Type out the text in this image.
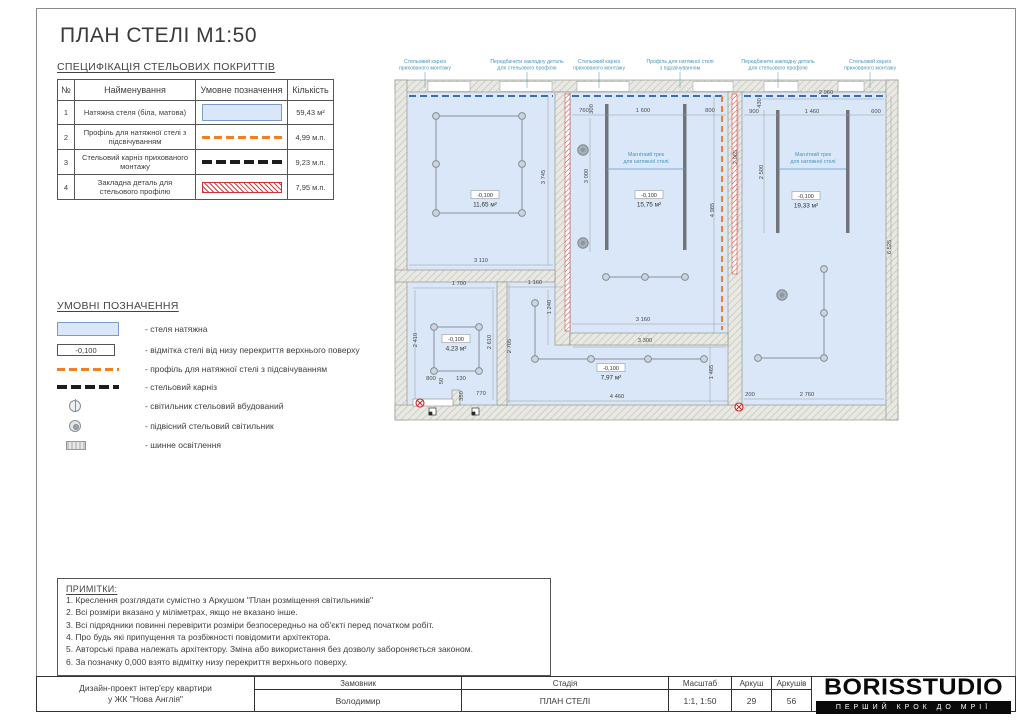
ПЛАН СТЕЛІ М1:50
СПЕЦИФІКАЦІЯ СТЕЛЬОВИХ ПОКРИТТІВ
№	Найменування	Умовне позначення	Кількість
1	Натяжна стеля (біла, матова)		59,43 м²
2	Профіль для натяжної стелі з підсвічуванням		4,99 м.п.
3	Стельовий карніз прихованого монтажу		9,23 м.п.
4	Закладна деталь для стельового профілю		7,95 м.п.
УМОВНІ ПОЗНАЧЕННЯ
- стеля натяжна
-0,100	- відмітка стелі від низу перекриття верхнього поверху
- профіль для натяжної стелі з підсвічуванням
- стельовий карніз
- світильник стельовий вбудований
- підвісний стельовий світильник
- шинне освітлення
ПРИМІТКИ:
1. Креслення розглядати сумістно з Аркушом "План розміщення світильників"
2. Всі розміри вказано у міліметрах, якщо не вказано інше.
3. Всі підрядники повинні перевірити розміри безпосередньо на об'єкті перед початком робіт.
4. Про будь які припущення та розбіжності повідомити архітектора.
5. Авторські права належать архітектору. Зміна або використання без дозволу забороняється законом.
6. За позначку 0,000 взято відмітку низу перекриття верхнього поверху.
Дизайн-проект інтер'єру квартири
у ЖК "Нова Англія"
Замовник
Володимир
Стадія
ПЛАН СТЕЛІ
Масштаб
1:1, 1:50
Аркуш
29
Аркушів
56
BORISSTUDIO
ПЕРШИЙ КРОК ДО МРІЇ
Стельовий карніз
прихованого монтажу
Передбачити закладну деталь
для стельового профілю
Стельовий карніз
прихованого монтажу
Профіль для натяжної стелі
з підсвічуванням
Передбачити закладну деталь
для стельового профілю
Стельовий карніз
прихованого монтажу
3 745
3 110
760 300	1 600	800
3 000
4 985
3 160
2 960
430
900	1 460	600
2 965
2 500
6 525
200	2 760
1 700
2 410	2 610
800 50 130
350 770
1 160
1 240
2 705	3 300
1 465
4 460
Магнітний трек
для натяжної стелі
Магнітний трек
для натяжної стелі
-0,100
11,65 м²
-0,100
15,75 м²
-0,100
19,33 м²
-0,100
4,23 м²
-0,100
7,97 м²
